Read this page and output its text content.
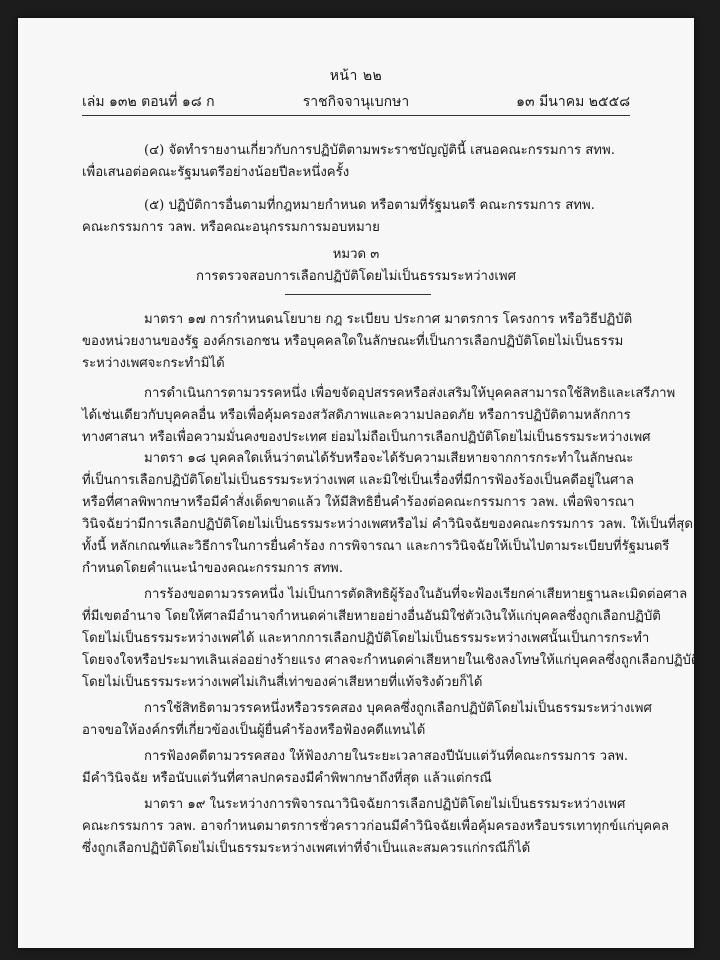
หน้า ๒๒
เล่ม ๑๓๒ ตอนที่ ๑๘ ก	ราชกิจจานุเบกษา	๑๓ มีนาคม ๒๕๕๘
(๔) จัดทำรายงานเกี่ยวกับการปฏิบัติตามพระราชบัญญัตินี้ เสนอคณะกรรมการ สทพ.
เพื่อเสนอต่อคณะรัฐมนตรีอย่างน้อยปีละหนึ่งครั้ง
(๕) ปฏิบัติการอื่นตามที่กฎหมายกำหนด หรือตามที่รัฐมนตรี คณะกรรมการ สทพ.
คณะกรรมการ วลพ. หรือคณะอนุกรรมการมอบหมาย
หมวด ๓
การตรวจสอบการเลือกปฏิบัติโดยไม่เป็นธรรมระหว่างเพศ
มาตรา ๑๗ การกำหนดนโยบาย กฎ ระเบียบ ประกาศ มาตรการ โครงการ หรือวิธีปฏิบัติ
ของหน่วยงานของรัฐ องค์กรเอกชน หรือบุคคลใดในลักษณะที่เป็นการเลือกปฏิบัติโดยไม่เป็นธรรม
ระหว่างเพศจะกระทำมิได้
การดำเนินการตามวรรคหนึ่ง เพื่อขจัดอุปสรรคหรือส่งเสริมให้บุคคลสามารถใช้สิทธิและเสรีภาพ
ได้เช่นเดียวกับบุคคลอื่น หรือเพื่อคุ้มครองสวัสดิภาพและความปลอดภัย หรือการปฏิบัติตามหลักการ
ทางศาสนา หรือเพื่อความมั่นคงของประเทศ ย่อมไม่ถือเป็นการเลือกปฏิบัติโดยไม่เป็นธรรมระหว่างเพศ
มาตรา ๑๘ บุคคลใดเห็นว่าตนได้รับหรือจะได้รับความเสียหายจากการกระทำในลักษณะ
ที่เป็นการเลือกปฏิบัติโดยไม่เป็นธรรมระหว่างเพศ และมิใช่เป็นเรื่องที่มีการฟ้องร้องเป็นคดีอยู่ในศาล
หรือที่ศาลพิพากษาหรือมีคำสั่งเด็ดขาดแล้ว ให้มีสิทธิยื่นคำร้องต่อคณะกรรมการ วลพ. เพื่อพิจารณา
วินิจฉัยว่ามีการเลือกปฏิบัติโดยไม่เป็นธรรมระหว่างเพศหรือไม่ คำวินิจฉัยของคณะกรรมการ วลพ. ให้เป็นที่สุด
ทั้งนี้ หลักเกณฑ์และวิธีการในการยื่นคำร้อง การพิจารณา และการวินิจฉัยให้เป็นไปตามระเบียบที่รัฐมนตรี
กำหนดโดยคำแนะนำของคณะกรรมการ สทพ.
การร้องขอตามวรรคหนึ่ง ไม่เป็นการตัดสิทธิผู้ร้องในอันที่จะฟ้องเรียกค่าเสียหายฐานละเมิดต่อศาล
ที่มีเขตอำนาจ โดยให้ศาลมีอำนาจกำหนดค่าเสียหายอย่างอื่นอันมิใช่ตัวเงินให้แก่บุคคลซึ่งถูกเลือกปฏิบัติ
โดยไม่เป็นธรรมระหว่างเพศได้ และหากการเลือกปฏิบัติโดยไม่เป็นธรรมระหว่างเพศนั้นเป็นการกระทำ
โดยจงใจหรือประมาทเลินเล่ออย่างร้ายแรง ศาลจะกำหนดค่าเสียหายในเชิงลงโทษให้แก่บุคคลซึ่งถูกเลือกปฏิบัติ
โดยไม่เป็นธรรมระหว่างเพศไม่เกินสี่เท่าของค่าเสียหายที่แท้จริงด้วยก็ได้
การใช้สิทธิตามวรรคหนึ่งหรือวรรคสอง บุคคลซึ่งถูกเลือกปฏิบัติโดยไม่เป็นธรรมระหว่างเพศ
อาจขอให้องค์กรที่เกี่ยวข้องเป็นผู้ยื่นคำร้องหรือฟ้องคดีแทนได้
การฟ้องคดีตามวรรคสอง ให้ฟ้องภายในระยะเวลาสองปีนับแต่วันที่คณะกรรมการ วลพ.
มีคำวินิจฉัย หรือนับแต่วันที่ศาลปกครองมีคำพิพากษาถึงที่สุด แล้วแต่กรณี
มาตรา ๑๙ ในระหว่างการพิจารณาวินิจฉัยการเลือกปฏิบัติโดยไม่เป็นธรรมระหว่างเพศ
คณะกรรมการ วลพ. อาจกำหนดมาตรการชั่วคราวก่อนมีคำวินิจฉัยเพื่อคุ้มครองหรือบรรเทาทุกข์แก่บุคคล
ซึ่งถูกเลือกปฏิบัติโดยไม่เป็นธรรมระหว่างเพศเท่าที่จำเป็นและสมควรแก่กรณีก็ได้
